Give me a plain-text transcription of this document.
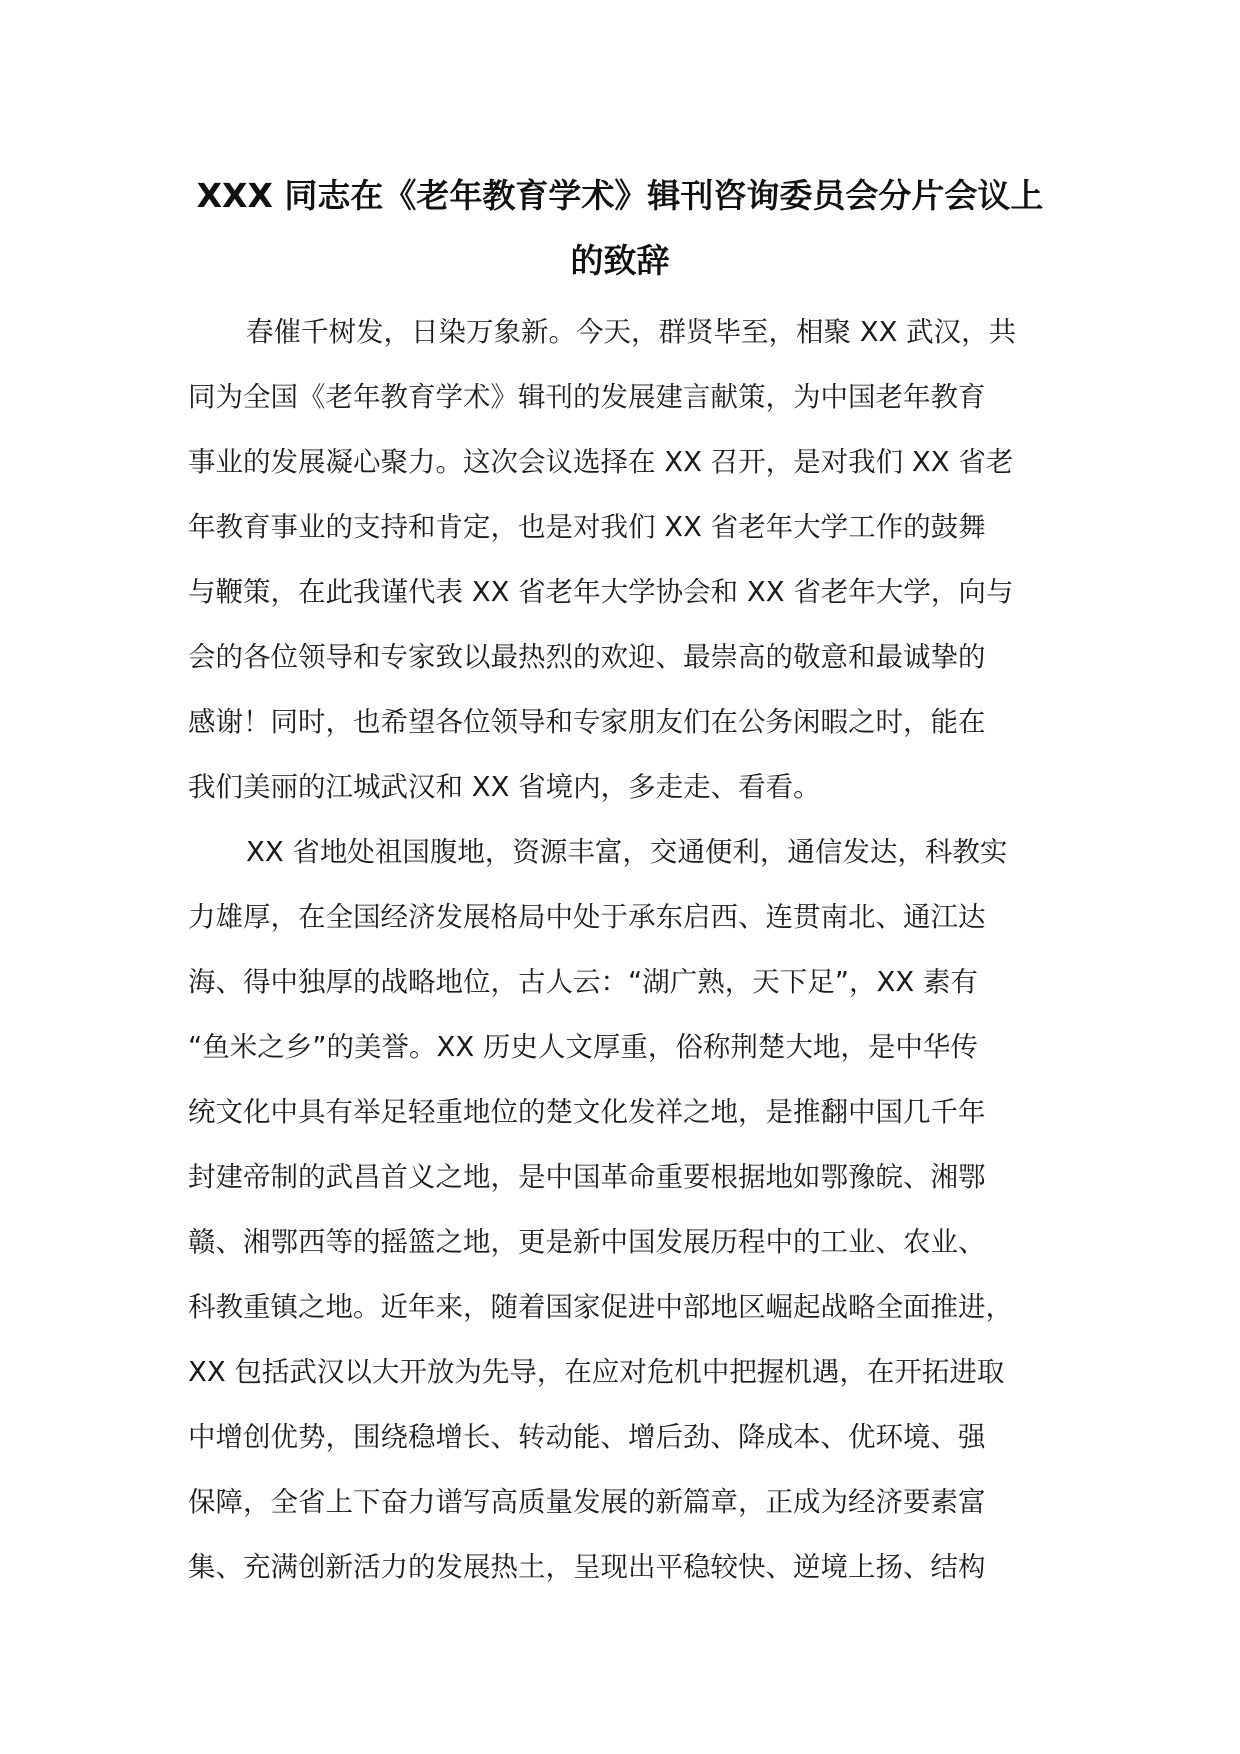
XXX 同志在《老年教育学术》辑刊咨询委员会分片会议上
的致辞
春催千树发，日染万象新。今天，群贤毕至，相聚 XX 武汉，共
同为全国《老年教育学术》辑刊的发展建言献策，为中国老年教育
事业的发展凝心聚力。这次会议选择在 XX 召开，是对我们 XX 省老
年教育事业的支持和肯定，也是对我们 XX 省老年大学工作的鼓舞
与鞭策，在此我谨代表 XX 省老年大学协会和 XX 省老年大学，向与
会的各位领导和专家致以最热烈的欢迎、最崇高的敬意和最诚挚的
感谢！同时，也希望各位领导和专家朋友们在公务闲暇之时，能在
我们美丽的江城武汉和 XX 省境内，多走走、看看。
XX 省地处祖国腹地，资源丰富，交通便利，通信发达，科教实
力雄厚，在全国经济发展格局中处于承东启西、连贯南北、通江达
海、得中独厚的战略地位，古人云：“湖广熟，天下足”，XX 素有
“鱼米之乡”的美誉。XX 历史人文厚重，俗称荆楚大地，是中华传
统文化中具有举足轻重地位的楚文化发祥之地，是推翻中国几千年
封建帝制的武昌首义之地，是中国革命重要根据地如鄂豫皖、湘鄂
赣、湘鄂西等的摇篮之地，更是新中国发展历程中的工业、农业、
科教重镇之地。近年来，随着国家促进中部地区崛起战略全面推进，
XX 包括武汉以大开放为先导，在应对危机中把握机遇，在开拓进取
中增创优势，围绕稳增长、转动能、增后劲、降成本、优环境、强
保障，全省上下奋力谱写高质量发展的新篇章，正成为经济要素富
集、充满创新活力的发展热土，呈现出平稳较快、逆境上扬、结构
